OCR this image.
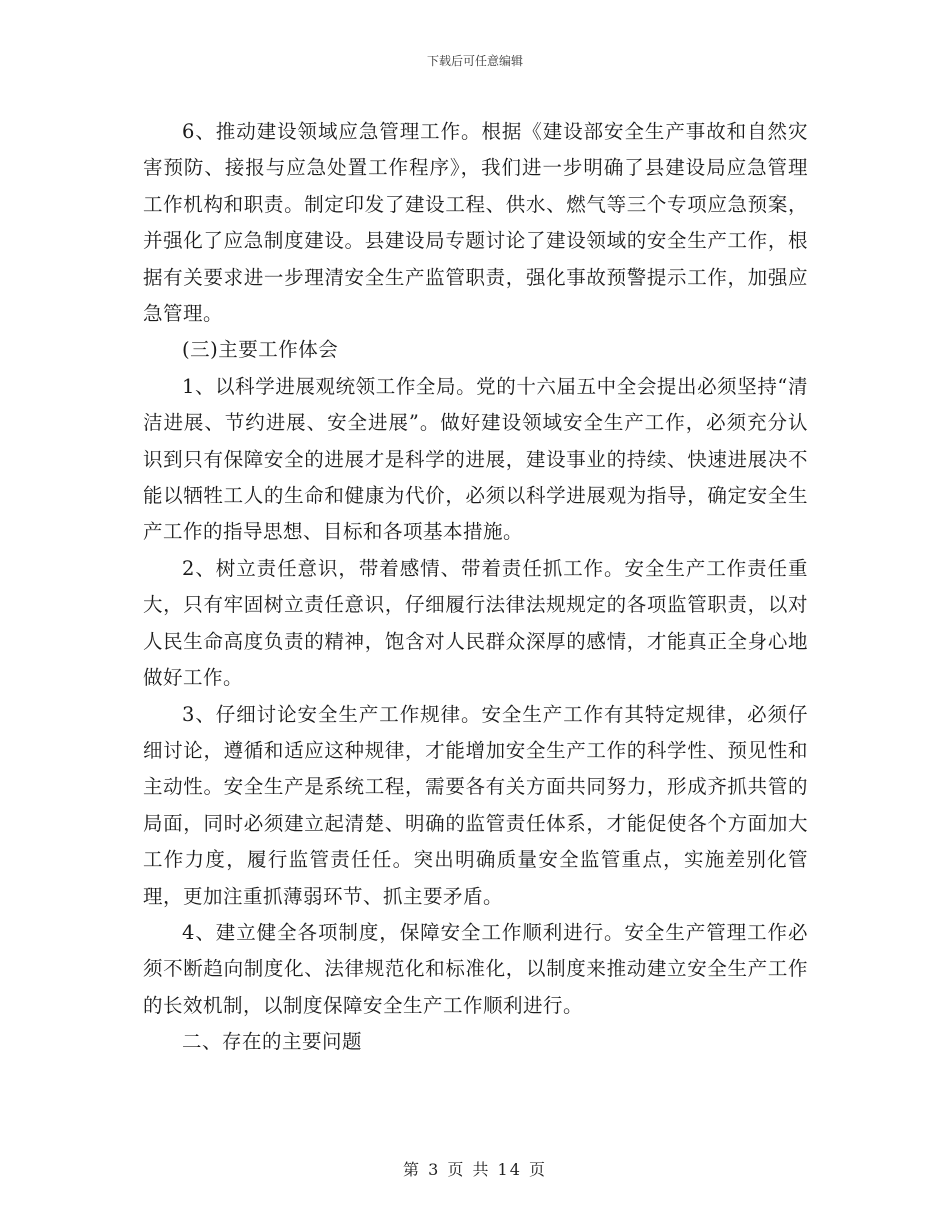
下载后可任意编辑

6、推动建设领域应急管理工作。根据《建设部安全生产事故和自然灾害预防、接报与应急处置工作程序》，我们进一步明确了县建设局应急管理工作机构和职责。制定印发了建设工程、供水、燃气等三个专项应急预案，并强化了应急制度建设。县建设局专题讨论了建设领域的安全生产工作，根据有关要求进一步理清安全生产监管职责，强化事故预警提示工作，加强应急管理。

(三)主要工作体会

1、以科学进展观统领工作全局。党的十六届五中全会提出必须坚持“清洁进展、节约进展、安全进展”。做好建设领域安全生产工作，必须充分认识到只有保障安全的进展才是科学的进展，建设事业的持续、快速进展决不能以牺牲工人的生命和健康为代价，必须以科学进展观为指导，确定安全生产工作的指导思想、目标和各项基本措施。

2、树立责任意识，带着感情、带着责任抓工作。安全生产工作责任重大，只有牢固树立责任意识，仔细履行法律法规规定的各项监管职责，以对人民生命高度负责的精神，饱含对人民群众深厚的感情，才能真正全身心地做好工作。

3、仔细讨论安全生产工作规律。安全生产工作有其特定规律，必须仔细讨论，遵循和适应这种规律，才能增加安全生产工作的科学性、预见性和主动性。安全生产是系统工程，需要各有关方面共同努力，形成齐抓共管的局面，同时必须建立起清楚、明确的监管责任体系，才能促使各个方面加大工作力度，履行监管责任任。突出明确质量安全监管重点，实施差别化管理，更加注重抓薄弱环节、抓主要矛盾。

4、建立健全各项制度，保障安全工作顺利进行。安全生产管理工作必须不断趋向制度化、法律规范化和标准化，以制度来推动建立安全生产工作的长效机制，以制度保障安全生产工作顺利进行。

二、存在的主要问题

第 3 页 共 14 页
